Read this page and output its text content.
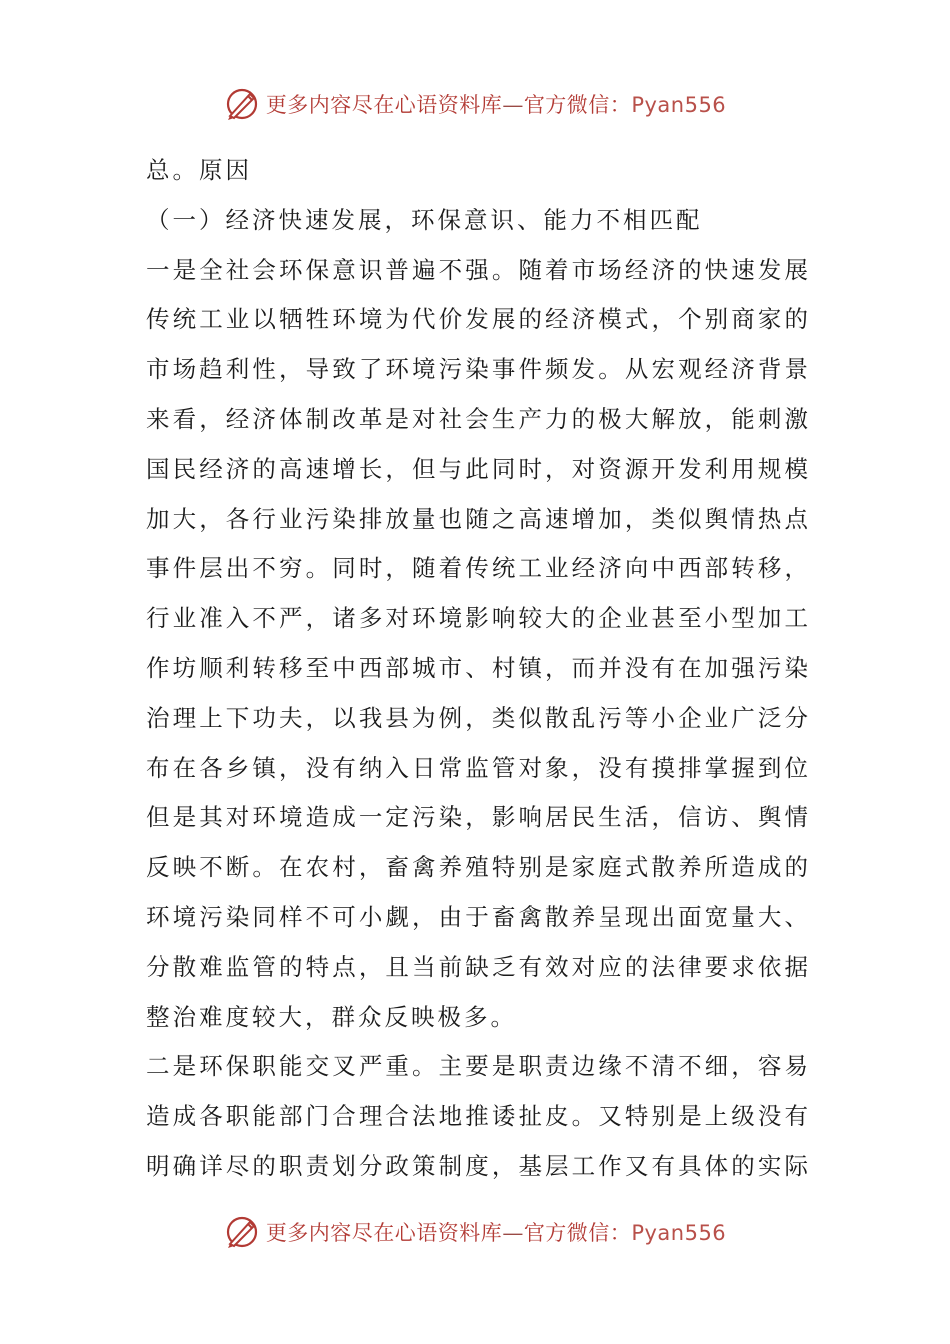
更多内容尽在心语资料库—官方微信：Pyan556
总。原因
（一）经济快速发展，环保意识、能力不相匹配
一是全社会环保意识普遍不强。随着市场经济的快速发展
传统工业以牺牲环境为代价发展的经济模式，个别商家的
市场趋利性，导致了环境污染事件频发。从宏观经济背景
来看，经济体制改革是对社会生产力的极大解放，能刺激
国民经济的高速增长，但与此同时，对资源开发利用规模
加大，各行业污染排放量也随之高速增加，类似舆情热点
事件层出不穷。同时，随着传统工业经济向中西部转移，
行业准入不严，诸多对环境影响较大的企业甚至小型加工
作坊顺利转移至中西部城市、村镇，而并没有在加强污染
治理上下功夫，以我县为例，类似散乱污等小企业广泛分
布在各乡镇，没有纳入日常监管对象，没有摸排掌握到位
但是其对环境造成一定污染，影响居民生活，信访、舆情
反映不断。在农村，畜禽养殖特别是家庭式散养所造成的
环境污染同样不可小觑，由于畜禽散养呈现出面宽量大、
分散难监管的特点，且当前缺乏有效对应的法律要求依据
整治难度较大，群众反映极多。
二是环保职能交叉严重。主要是职责边缘不清不细，容易
造成各职能部门合理合法地推诿扯皮。又特别是上级没有
明确详尽的职责划分政策制度，基层工作又有具体的实际
更多内容尽在心语资料库—官方微信：Pyan556
